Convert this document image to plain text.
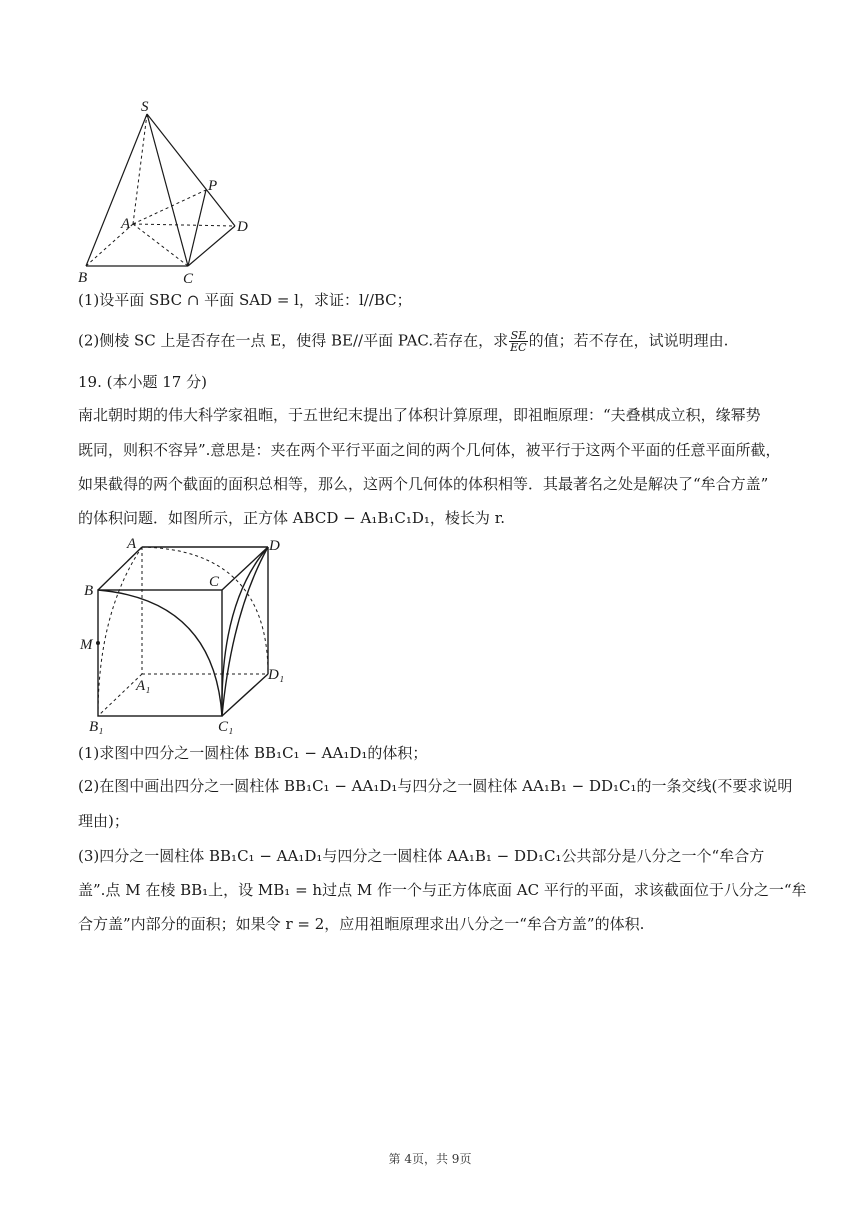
S
P
A	D
B	C
(1)设平面 SBC ∩ 平面 SAD = l，求证：l//BC；
(2)侧棱 SC 上是否存在一点 E，使得 BE//平面 PAC.若存在，求 $\frac{SE}{EC}$ 的值；若不存在，试说明理由.
19. (本小题 17 分)
南北朝时期的伟大科学家祖暅，于五世纪末提出了体积计算原理，即祖暅原理：“夫叠棋成立积，缘幂势
既同，则积不容异”.意思是：夹在两个平行平面之间的两个几何体，被平行于这两个平面的任意平面所截，
如果截得的两个截面的面积总相等，那么，这两个几何体的体积相等．其最著名之处是解决了“牟合方盖”
的体积问题．如图所示，正方体 ABCD − A₁B₁C₁D₁，棱长为 r.
A	D
C
B
M
A₁
D₁
B₁	C₁
(1)求图中四分之一圆柱体 BB₁C₁ − AA₁D₁的体积；
(2)在图中画出四分之一圆柱体 BB₁C₁ − AA₁D₁与四分之一圆柱体 AA₁B₁ − DD₁C₁的一条交线(不要求说明
理由)；
(3)四分之一圆柱体 BB₁C₁ − AA₁D₁与四分之一圆柱体 AA₁B₁ − DD₁C₁公共部分是八分之一个“牟合方
盖”.点 M 在棱 BB₁上，设 MB₁ = h过点 M 作一个与正方体底面 AC 平行的平面，求该截面位于八分之一“牟
合方盖”内部分的面积；如果令 r = 2，应用祖暅原理求出八分之一“牟合方盖”的体积.
第 4页，共 9页
